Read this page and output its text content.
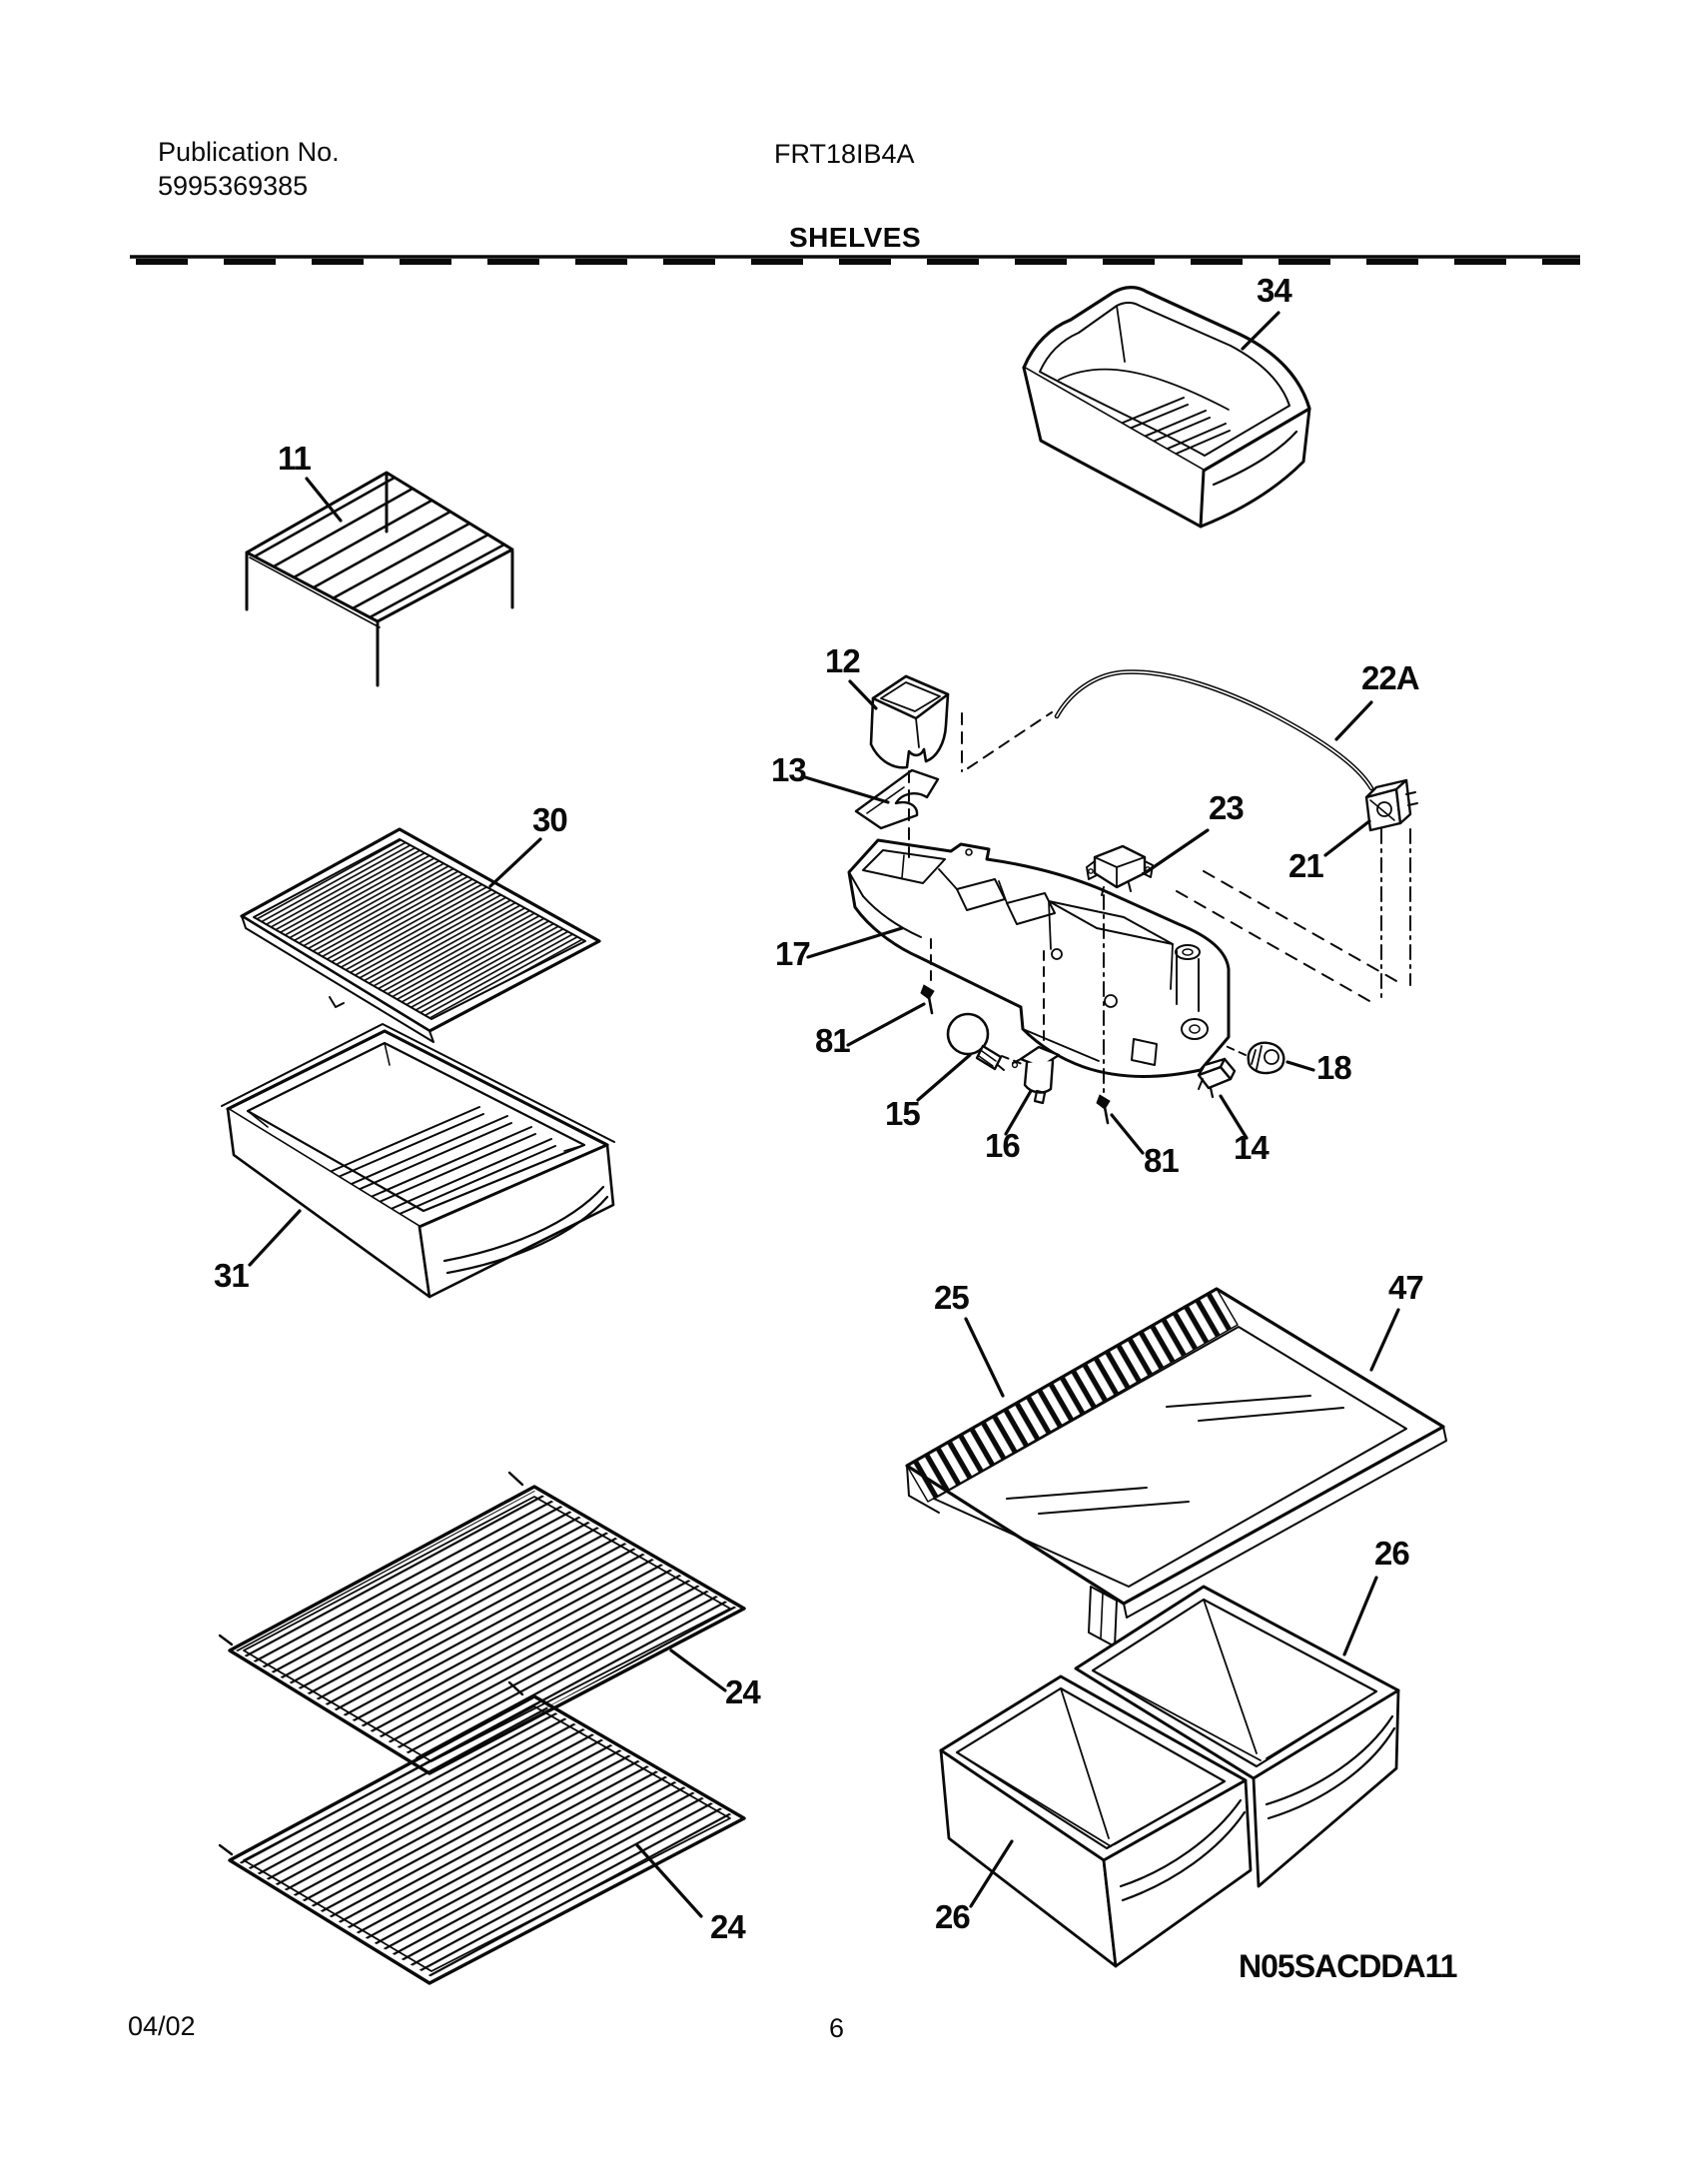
Publication No.
5995369385
FRT18IB4A
SHELVES
34
11
12
13
22A
23
21
30
17
81
15
16	81 14
18
31
25	47
26
24
24	26
N05SACDDA11
04/02	6
